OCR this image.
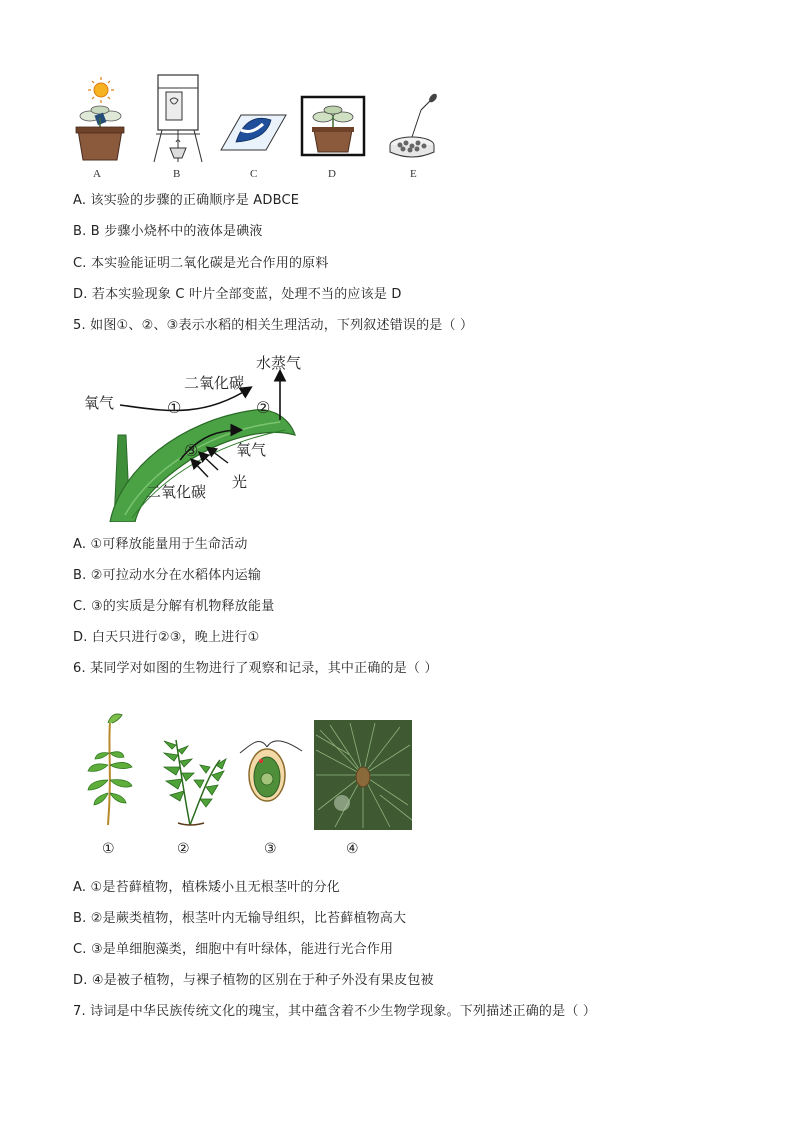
A	B	C	D	E
A. 该实验的步骤的正确顺序是 ADBCE
B. B 步骤小烧杯中的液体是碘液
C. 本实验能证明二氧化碳是光合作用的原料
D. 若本实验现象 C 叶片全部变蓝，处理不当的应该是 D
5. 如图①、②、③表示水稻的相关生理活动，下列叙述错误的是（ ）
水蒸气
二氧化碳
氧气	①	②
③	氧气
光
二氧化碳
A. ①可释放能量用于生命活动
B. ②可拉动水分在水稻体内运输
C. ③的实质是分解有机物释放能量
D. 白天只进行②③，晚上进行①
6. 某同学对如图的生物进行了观察和记录，其中正确的是（ ）
①	②	③	④
A. ①是苔藓植物，植株矮小且无根茎叶的分化
B. ②是蕨类植物，根茎叶内无输导组织，比苔藓植物高大
C. ③是单细胞藻类，细胞中有叶绿体，能进行光合作用
D. ④是被子植物，与裸子植物的区别在于种子外没有果皮包被
7. 诗词是中华民族传统文化的瑰宝，其中蕴含着不少生物学现象。下列描述正确的是（ ）
